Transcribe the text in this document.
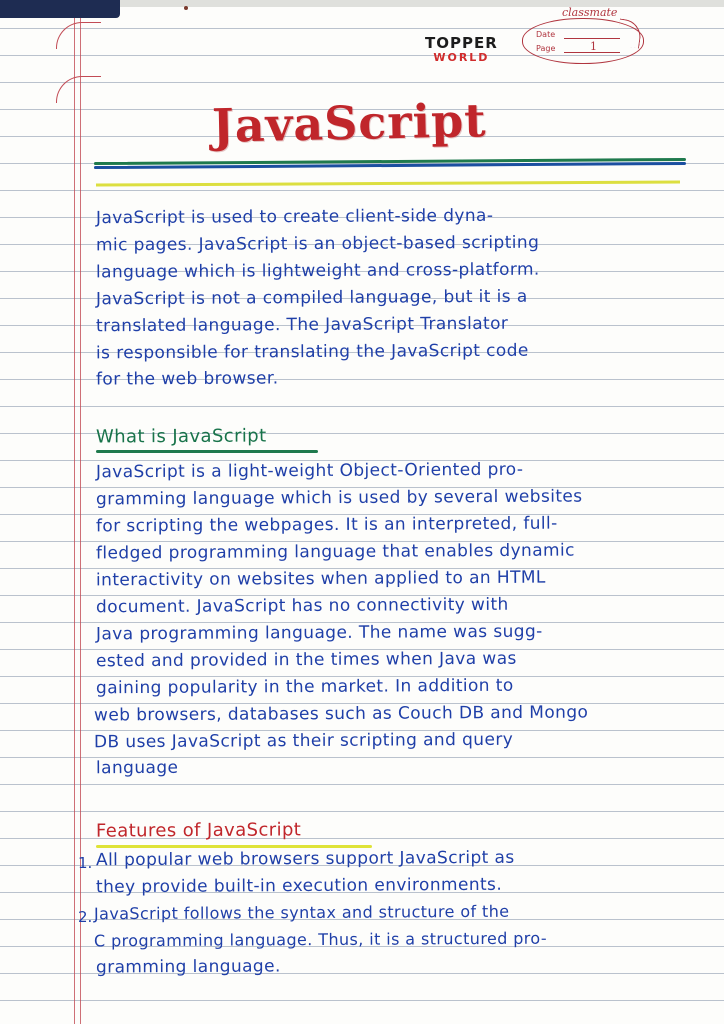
TOPPER
WORLD
classmate
Date
Page	1
JavaScript
JavaScript is used to create client-side dyna-
mic pages. JavaScript is an object-based scripting
language which is lightweight and cross-platform.
JavaScript is not a compiled language, but it is a
translated language. The JavaScript Translator
is responsible for translating the JavaScript code
for the web browser.
What is JavaScript
JavaScript is a light-weight Object-Oriented pro-
gramming language which is used by several websites
for scripting the webpages. It is an interpreted, full-
fledged programming language that enables dynamic
interactivity on websites when applied to an HTML
document. JavaScript has no connectivity with
Java programming language. The name was sugg-
ested and provided in the times when Java was
gaining popularity in the market. In addition to
web browsers, databases such as Couch DB and Mongo
DB uses JavaScript as their scripting and query
language
Features of JavaScript
1. All popular web browsers support JavaScript as
they provide built-in execution environments.
2. JavaScript follows the syntax and structure of the
C programming language. Thus, it is a structured pro-
gramming language.
